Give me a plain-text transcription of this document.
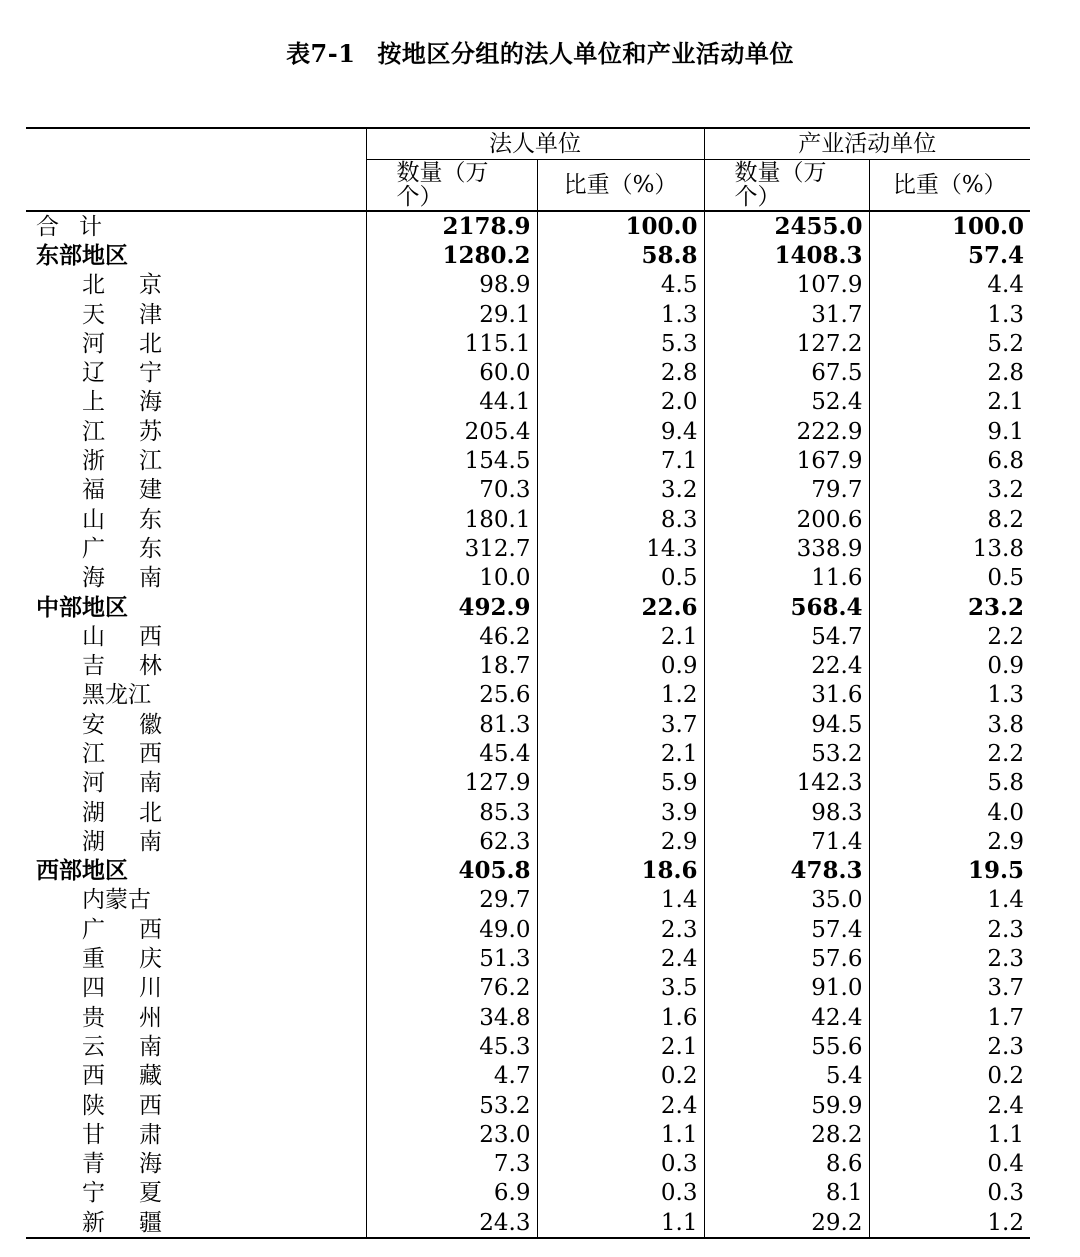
表7-1 按地区分组的法人单位和产业活动单位
	法人单位		产业活动单位	
	数量（万个）	比重（%）	数量（万个）	比重（%）
合计	2178.9	100.0	2455.0	100.0
东部地区	1280.2	58.8	1408.3	57.4
北京	98.9	4.5	107.9	4.4
天津	29.1	1.3	31.7	1.3
河北	115.1	5.3	127.2	5.2
辽宁	60.0	2.8	67.5	2.8
上海	44.1	2.0	52.4	2.1
江苏	205.4	9.4	222.9	9.1
浙江	154.5	7.1	167.9	6.8
福建	70.3	3.2	79.7	3.2
山东	180.1	8.3	200.6	8.2
广东	312.7	14.3	338.9	13.8
海南	10.0	0.5	11.6	0.5
中部地区	492.9	22.6	568.4	23.2
山西	46.2	2.1	54.7	2.2
吉林	18.7	0.9	22.4	0.9
黑龙江	25.6	1.2	31.6	1.3
安徽	81.3	3.7	94.5	3.8
江西	45.4	2.1	53.2	2.2
河南	127.9	5.9	142.3	5.8
湖北	85.3	3.9	98.3	4.0
湖南	62.3	2.9	71.4	2.9
西部地区	405.8	18.6	478.3	19.5
内蒙古	29.7	1.4	35.0	1.4
广西	49.0	2.3	57.4	2.3
重庆	51.3	2.4	57.6	2.3
四川	76.2	3.5	91.0	3.7
贵州	34.8	1.6	42.4	1.7
云南	45.3	2.1	55.6	2.3
西藏	4.7	0.2	5.4	0.2
陕西	53.2	2.4	59.9	2.4
甘肃	23.0	1.1	28.2	1.1
青海	7.3	0.3	8.6	0.4
宁夏	6.9	0.3	8.1	0.3
新疆	24.3	1.1	29.2	1.2
